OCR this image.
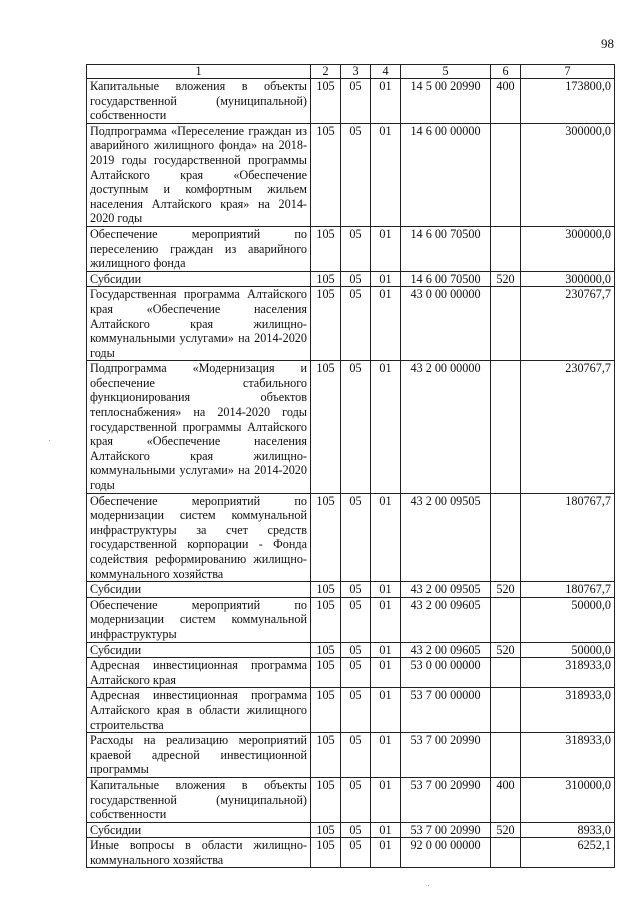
98
1	2	3	4	5	6	7
Капитальные вложения в объекты государственной (муниципальной) собственности	105	05	01	14 5 00 20990	400	173800,0
Подпрограмма «Переселение граждан из аварийного жилищного фонда» на 2018-2019 годы государственной программы Алтайского края «Обеспечение доступным и комфортным жильем населения Алтайского края» на 2014-2020 годы	105	05	01	14 6 00 00000		300000,0
Обеспечение мероприятий по переселению граждан из аварийного жилищного фонда	105	05	01	14 6 00 70500		300000,0
Субсидии	105	05	01	14 6 00 70500	520	300000,0
Государственная программа Алтайского края «Обеспечение населения Алтайского края жилищно-коммунальными услугами» на 2014-2020 годы	105	05	01	43 0 00 00000		230767,7
Подпрограмма «Модернизация и обеспечение стабильного функционирования объектов теплоснабжения» на 2014-2020 годы государственной программы Алтайского края «Обеспечение населения Алтайского края жилищно-коммунальными услугами» на 2014-2020 годы	105	05	01	43 2 00 00000		230767,7
Обеспечение мероприятий по модернизации систем коммунальной инфраструктуры за счет средств государственной корпорации - Фонда содействия реформированию жилищно-коммунального хозяйства	105	05	01	43 2 00 09505		180767,7
Субсидии	105	05	01	43 2 00 09505	520	180767,7
Обеспечение мероприятий по модернизации систем коммунальной инфраструктуры	105	05	01	43 2 00 09605		50000,0
Субсидии	105	05	01	43 2 00 09605	520	50000,0
Адресная инвестиционная программа Алтайского края	105	05	01	53 0 00 00000		318933,0
Адресная инвестиционная программа Алтайского края в области жилищного строительства	105	05	01	53 7 00 00000		318933,0
Расходы на реализацию мероприятий краевой адресной инвестиционной программы	105	05	01	53 7 00 20990		318933,0
Капитальные вложения в объекты государственной (муниципальной) собственности	105	05	01	53 7 00 20990	400	310000,0
Субсидии	105	05	01	53 7 00 20990	520	8933,0
Иные вопросы в области жилищно-коммунального хозяйства	105	05	01	92 0 00 00000		6252,1
